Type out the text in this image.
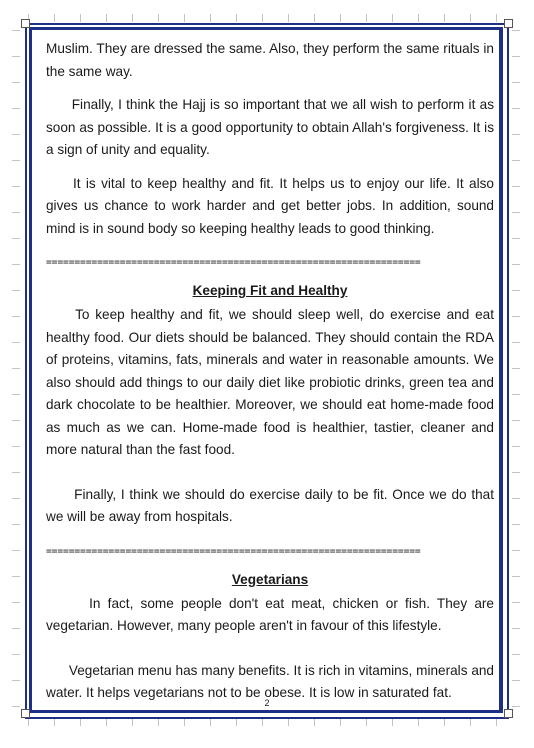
Muslim. They are dressed the same. Also, they perform the same rituals in the same way.

Finally, I think the Hajj is so important that we all wish to perform it as soon as possible. It is a good opportunity to obtain Allah's forgiveness. It is a sign of unity and equality.

It is vital to keep healthy and fit. It helps us to enjoy our life. It also gives us chance to work harder and get better jobs. In addition, sound mind is in sound body so keeping healthy leads to good thinking.

==================================================================
Keeping Fit and Healthy

To keep healthy and fit, we should sleep well, do exercise and eat healthy food. Our diets should be balanced. They should contain the RDA of proteins, vitamins, fats, minerals and water in reasonable amounts. We also should add things to our daily diet like probiotic drinks, green tea and dark chocolate to be healthier. Moreover, we should eat home-made food as much as we can. Home-made food is healthier, tastier, cleaner and more natural than the fast food.

Finally, I think we should do exercise daily to be fit. Once we do that we will be away from hospitals.

==================================================================
Vegetarians

In fact, some people don't eat meat, chicken or fish. They are vegetarian. However, many people aren't in favour of this lifestyle.

Vegetarian menu has many benefits. It is rich in vitamins, minerals and water. It helps vegetarians not to be obese. It is low in saturated fat.

2
